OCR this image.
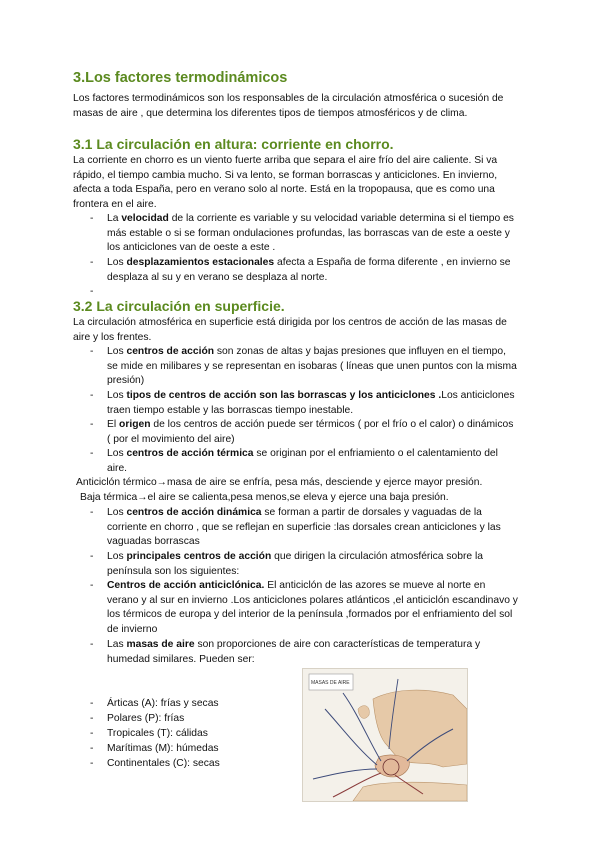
3.Los factores termodinámicos

Los factores termodinámicos son los responsables de la circulación atmosférica o sucesión de masas de aire , que determina los diferentes tipos de tiempos atmosféricos y de clima.

3.1 La circulación en altura: corriente en chorro.

La corriente en chorro es un viento fuerte arriba que separa el aire frío del aire caliente. Si va rápido, el tiempo cambia mucho. Si va lento, se forman borrascas y anticiclones. En invierno, afecta a toda España, pero en verano solo al norte. Está en la tropopausa, que es como una frontera en el aire.

-	La velocidad de la corriente es variable y su velocidad variable determina si el tiempo es más estable o si se forman ondulaciones profundas, las borrascas van de este a oeste y los anticiclones van de oeste a este .
-	Los desplazamientos estacionales afecta a España de forma diferente , en invierno se desplaza al su y en verano se desplaza al norte.
-
3.2 La circulación en superficie.

La circulación atmosférica en superficie está dirigida por los centros de acción de las masas de aire y los frentes.

-	Los centros de acción son zonas de altas y bajas presiones que influyen en el tiempo, se mide en milibares y se representan en isobaras ( líneas que unen puntos con la misma presión)
-	Los tipos de centros de acción son las borrascas y los anticiclones .Los anticiclones traen tiempo estable y las borrascas tiempo inestable.
-	El origen de los centros de acción puede ser térmicos ( por el frío o el calor) o dinámicos ( por el movimiento del aire)
-	Los centros de acción térmica se originan por el enfriamiento o el calentamiento del aire.

Anticiclón térmico→masa de aire se enfría, pesa más, desciende y ejerce mayor presión.

Baja térmica→el aire se calienta,pesa menos,se eleva y ejerce una baja presión.

-	Los centros de acción dinámica se forman a partir de dorsales y vaguadas de la corriente en chorro , que se reflejan en superficie :las dorsales crean anticiclones y las vaguadas borrascas
-	Los principales centros de acción que dirigen la circulación atmosférica sobre la península son los siguientes:
-	Centros de acción anticiclónica. El anticiclón de las azores se mueve al norte en verano y al sur en invierno .Los anticiclones polares atlánticos ,el anticiclón escandinavo y los térmicos de europa y del interior de la península ,formados por el enfriamiento del sol de invierno
-	Las masas de aire son proporciones de aire con características de temperatura y humedad similares. Pueden ser:
-	Árticas (A): frías y secas
-	Polares (P): frías
-	Tropicales (T): cálidas
-	Marítimas (M): húmedas
-	Continentales (C): secas
MASAS DE AIRE
